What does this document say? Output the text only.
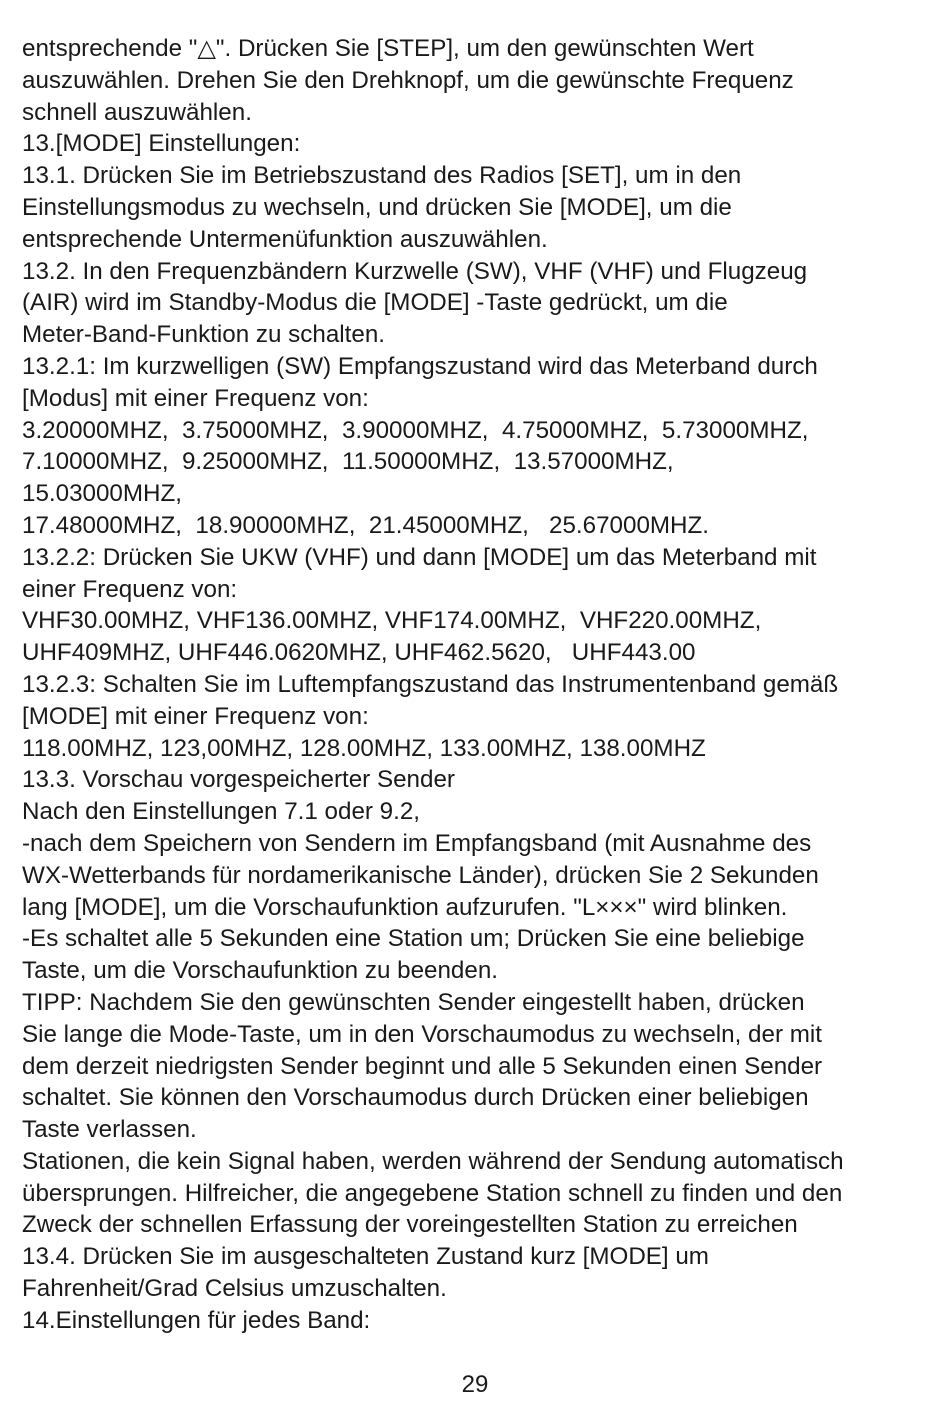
entsprechende "△". Drücken Sie [STEP], um den gewünschten Wert
auszuwählen. Drehen Sie den Drehknopf, um die gewünschte Frequenz
schnell auszuwählen.
13.[MODE] Einstellungen:
13.1. Drücken Sie im Betriebszustand des Radios [SET], um in den
Einstellungsmodus zu wechseln, und drücken Sie [MODE], um die
entsprechende Untermenüfunktion auszuwählen.
13.2. In den Frequenzbändern Kurzwelle (SW), VHF (VHF) und Flugzeug
(AIR) wird im Standby-Modus die [MODE] -Taste gedrückt, um die
Meter-Band-Funktion zu schalten.
13.2.1: Im kurzwelligen (SW) Empfangszustand wird das Meterband durch
[Modus] mit einer Frequenz von:
3.20000MHZ,  3.75000MHZ,  3.90000MHZ,  4.75000MHZ,  5.73000MHZ,
7.10000MHZ,  9.25000MHZ,  11.50000MHZ,  13.57000MHZ,
15.03000MHZ,
17.48000MHZ,  18.90000MHZ,  21.45000MHZ,   25.67000MHZ.
13.2.2: Drücken Sie UKW (VHF) und dann [MODE] um das Meterband mit
einer Frequenz von:
VHF30.00MHZ, VHF136.00MHZ, VHF174.00MHZ,  VHF220.00MHZ,
UHF409MHZ, UHF446.0620MHZ, UHF462.5620,   UHF443.00
13.2.3: Schalten Sie im Luftempfangszustand das Instrumentenband gemäß
[MODE] mit einer Frequenz von:
118.00MHZ, 123,00MHZ, 128.00MHZ, 133.00MHZ, 138.00MHZ
13.3. Vorschau vorgespeicherter Sender
Nach den Einstellungen 7.1 oder 9.2,
-nach dem Speichern von Sendern im Empfangsband (mit Ausnahme des
WX-Wetterbands für nordamerikanische Länder), drücken Sie 2 Sekunden
lang [MODE], um die Vorschaufunktion aufzurufen. "L×××" wird blinken.
-Es schaltet alle 5 Sekunden eine Station um; Drücken Sie eine beliebige
Taste, um die Vorschaufunktion zu beenden.
TIPP: Nachdem Sie den gewünschten Sender eingestellt haben, drücken
Sie lange die Mode-Taste, um in den Vorschaumodus zu wechseln, der mit
dem derzeit niedrigsten Sender beginnt und alle 5 Sekunden einen Sender
schaltet. Sie können den Vorschaumodus durch Drücken einer beliebigen
Taste verlassen.
Stationen, die kein Signal haben, werden während der Sendung automatisch
übersprungen. Hilfreicher, die angegebene Station schnell zu finden und den
Zweck der schnellen Erfassung der voreingestellten Station zu erreichen
13.4. Drücken Sie im ausgeschalteten Zustand kurz [MODE] um
Fahrenheit/Grad Celsius umzuschalten.
14.Einstellungen für jedes Band:
29
